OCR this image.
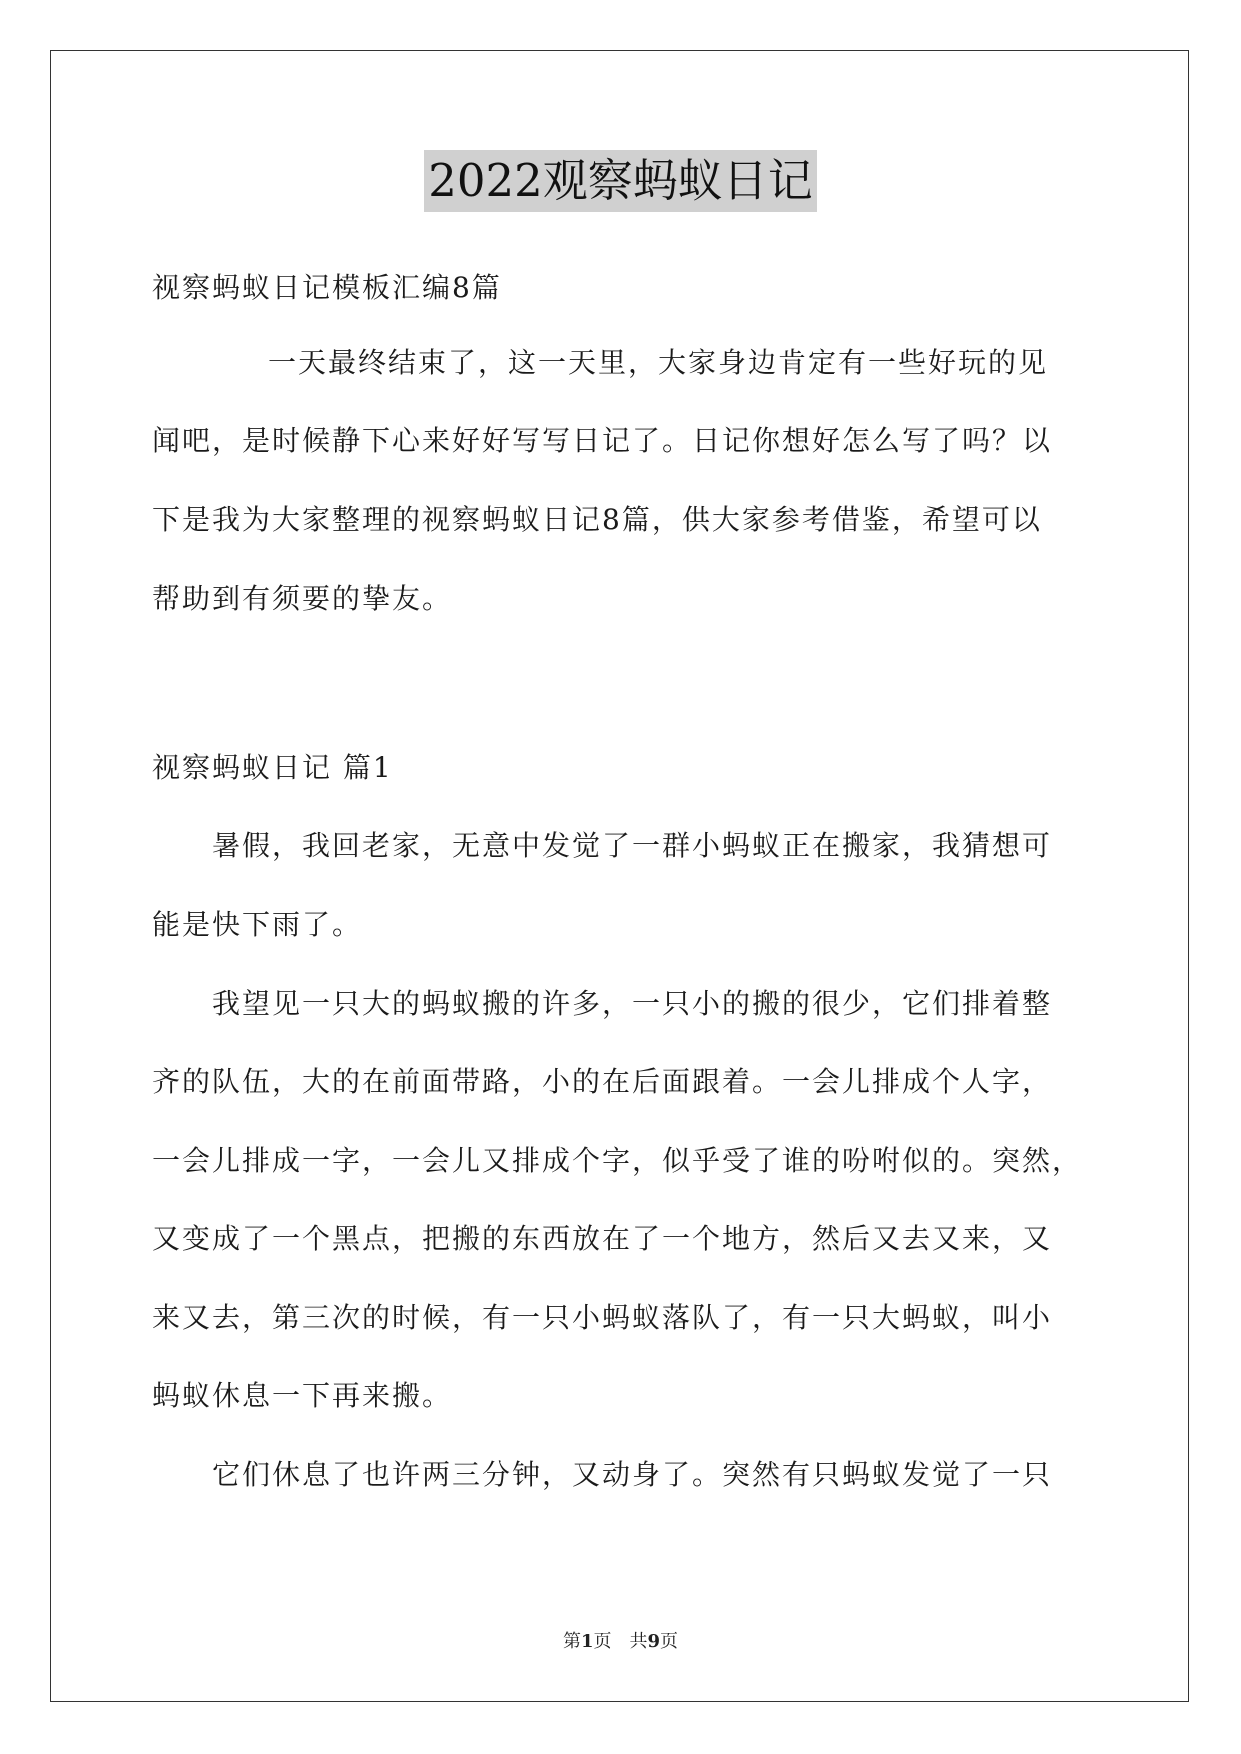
2022观察蚂蚁日记
视察蚂蚁日记模板汇编8篇
一天最终结束了，这一天里，大家身边肯定有一些好玩的见
闻吧，是时候静下心来好好写写日记了。日记你想好怎么写了吗？以
下是我为大家整理的视察蚂蚁日记8篇，供大家参考借鉴，希望可以
帮助到有须要的挚友。
视察蚂蚁日记 篇1
暑假，我回老家，无意中发觉了一群小蚂蚁正在搬家，我猜想可
能是快下雨了。
我望见一只大的蚂蚁搬的许多，一只小的搬的很少，它们排着整
齐的队伍，大的在前面带路，小的在后面跟着。一会儿排成个人字，
一会儿排成一字，一会儿又排成个字，似乎受了谁的吩咐似的。突然，
又变成了一个黑点，把搬的东西放在了一个地方，然后又去又来，又
来又去，第三次的时候，有一只小蚂蚁落队了，有一只大蚂蚁，叫小
蚂蚁休息一下再来搬。
它们休息了也许两三分钟，又动身了。突然有只蚂蚁发觉了一只
第1页　共9页
